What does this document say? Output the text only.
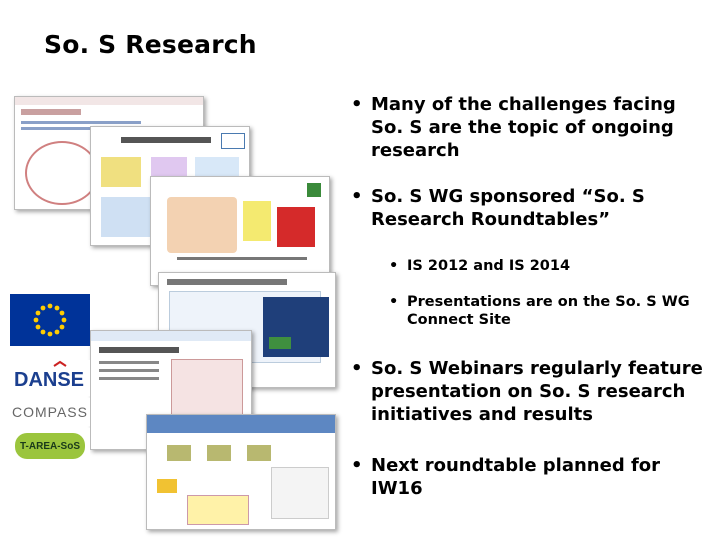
So. S Research
DANSE
COMPASS
T-AREA-SoS
• Many of the challenges facing So. S are the topic of ongoing research
• So. S WG sponsored “So. S Research Roundtables”
• IS 2012 and IS 2014
• Presentations are on the So. S WG Connect Site
• So. S Webinars regularly feature presentation on So. S research initiatives and results
• Next roundtable planned for IW16
